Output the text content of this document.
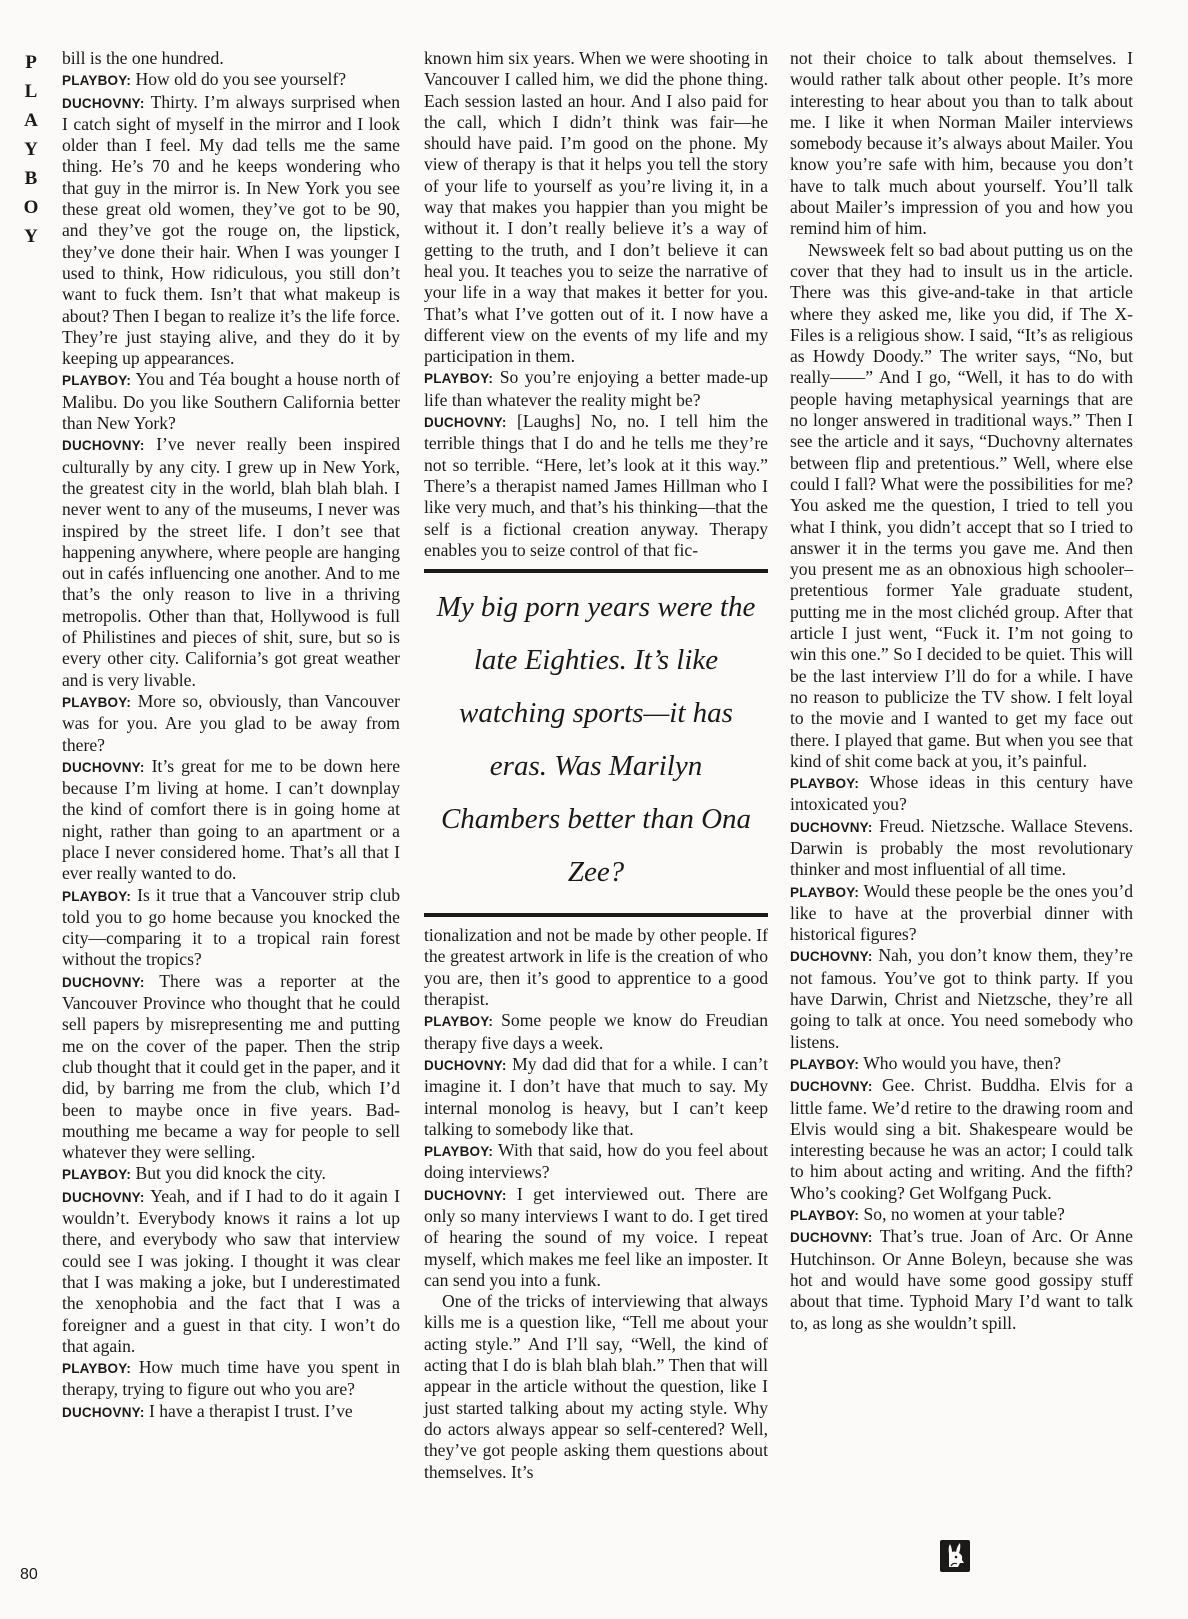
P
L
A
Y
B
O
Y
80

bill is the one hundred.

PLAYBOY: How old do you see yourself?

DUCHOVNY: Thirty. I’m always surprised when I catch sight of myself in the mirror and I look older than I feel. My dad tells me the same thing. He’s 70 and he keeps wondering who that guy in the mirror is. In New York you see these great old women, they’ve got to be 90, and they’ve got the rouge on, the lipstick, they’ve done their hair. When I was younger I used to think, How ridiculous, you still don’t want to fuck them. Isn’t that what makeup is about? Then I began to realize it’s the life force. They’re just staying alive, and they do it by keeping up appearances.

PLAYBOY: You and Téa bought a house north of Malibu. Do you like Southern California better than New York?

DUCHOVNY: I’ve never really been inspired culturally by any city. I grew up in New York, the greatest city in the world, blah blah blah. I never went to any of the museums, I never was inspired by the street life. I don’t see that happening anywhere, where people are hanging out in cafés influencing one another. And to me that’s the only reason to live in a thriving metropolis. Other than that, Hollywood is full of Philistines and pieces of shit, sure, but so is every other city. California’s got great weather and is very livable.

PLAYBOY: More so, obviously, than Vancouver was for you. Are you glad to be away from there?

DUCHOVNY: It’s great for me to be down here because I’m living at home. I can’t downplay the kind of comfort there is in going home at night, rather than going to an apartment or a place I never considered home. That’s all that I ever really wanted to do.

PLAYBOY: Is it true that a Vancouver strip club told you to go home because you knocked the city—comparing it to a tropical rain forest without the tropics?

DUCHOVNY: There was a reporter at the Vancouver Province who thought that he could sell papers by misrepresenting me and putting me on the cover of the paper. Then the strip club thought that it could get in the paper, and it did, by barring me from the club, which I’d been to maybe once in five years. Bad-mouthing me became a way for people to sell whatever they were selling.

PLAYBOY: But you did knock the city.

DUCHOVNY: Yeah, and if I had to do it again I wouldn’t. Everybody knows it rains a lot up there, and everybody who saw that interview could see I was joking. I thought it was clear that I was making a joke, but I underestimated the xenophobia and the fact that I was a foreigner and a guest in that city. I won’t do that again.

PLAYBOY: How much time have you spent in therapy, trying to figure out who you are?

DUCHOVNY: I have a therapist I trust. I’ve

known him six years. When we were shooting in Vancouver I called him, we did the phone thing. Each session lasted an hour. And I also paid for the call, which I didn’t think was fair—he should have paid. I’m good on the phone. My view of therapy is that it helps you tell the story of your life to yourself as you’re living it, in a way that makes you happier than you might be without it. I don’t really believe it’s a way of getting to the truth, and I don’t believe it can heal you. It teaches you to seize the narrative of your life in a way that makes it better for you. That’s what I’ve gotten out of it. I now have a different view on the events of my life and my participation in them.

PLAYBOY: So you’re enjoying a better made-up life than whatever the reality might be?

DUCHOVNY: [Laughs] No, no. I tell him the terrible things that I do and he tells me they’re not so terrible. “Here, let’s look at it this way.” There’s a therapist named James Hillman who I like very much, and that’s his thinking—that the self is a fictional creation anyway. Therapy enables you to seize control of that fic-

My big porn years were the late Eighties. It’s like watching sports—it has eras. Was Marilyn Chambers better than Ona Zee?

tionalization and not be made by other people. If the greatest artwork in life is the creation of who you are, then it’s good to apprentice to a good therapist.

PLAYBOY: Some people we know do Freudian therapy five days a week.

DUCHOVNY: My dad did that for a while. I can’t imagine it. I don’t have that much to say. My internal monolog is heavy, but I can’t keep talking to somebody like that.

PLAYBOY: With that said, how do you feel about doing interviews?

DUCHOVNY: I get interviewed out. There are only so many interviews I want to do. I get tired of hearing the sound of my voice. I repeat myself, which makes me feel like an imposter. It can send you into a funk.

One of the tricks of interviewing that always kills me is a question like, “Tell me about your acting style.” And I’ll say, “Well, the kind of acting that I do is blah blah blah.” Then that will appear in the article without the question, like I just started talking about my acting style. Why do actors always appear so self-centered? Well, they’ve got people asking them questions about themselves. It’s

not their choice to talk about themselves. I would rather talk about other people. It’s more interesting to hear about you than to talk about me. I like it when Norman Mailer interviews somebody because it’s always about Mailer. You know you’re safe with him, because you don’t have to talk much about yourself. You’ll talk about Mailer’s impression of you and how you remind him of him.

Newsweek felt so bad about putting us on the cover that they had to insult us in the article. There was this give-and-take in that article where they asked me, like you did, if The X-Files is a religious show. I said, “It’s as religious as Howdy Doody.” The writer says, “No, but really——” And I go, “Well, it has to do with people having metaphysical yearnings that are no longer answered in traditional ways.” Then I see the article and it says, “Duchovny alternates between flip and pretentious.” Well, where else could I fall? What were the possibilities for me? You asked me the question, I tried to tell you what I think, you didn’t accept that so I tried to answer it in the terms you gave me. And then you present me as an obnoxious high schooler–pretentious former Yale graduate student, putting me in the most clichéd group. After that article I just went, “Fuck it. I’m not going to win this one.” So I decided to be quiet. This will be the last interview I’ll do for a while. I have no reason to publicize the TV show. I felt loyal to the movie and I wanted to get my face out there. I played that game. But when you see that kind of shit come back at you, it’s painful.

PLAYBOY: Whose ideas in this century have intoxicated you?

DUCHOVNY: Freud. Nietzsche. Wallace Stevens. Darwin is probably the most revolutionary thinker and most influential of all time.

PLAYBOY: Would these people be the ones you’d like to have at the proverbial dinner with historical figures?

DUCHOVNY: Nah, you don’t know them, they’re not famous. You’ve got to think party. If you have Darwin, Christ and Nietzsche, they’re all going to talk at once. You need somebody who listens.

PLAYBOY: Who would you have, then?

DUCHOVNY: Gee. Christ. Buddha. Elvis for a little fame. We’d retire to the drawing room and Elvis would sing a bit. Shakespeare would be interesting because he was an actor; I could talk to him about acting and writing. And the fifth? Who’s cooking? Get Wolfgang Puck.

PLAYBOY: So, no women at your table?

DUCHOVNY: That’s true. Joan of Arc. Or Anne Hutchinson. Or Anne Boleyn, because she was hot and would have some good gossipy stuff about that time. Typhoid Mary I’d want to talk to, as long as she wouldn’t spill.
